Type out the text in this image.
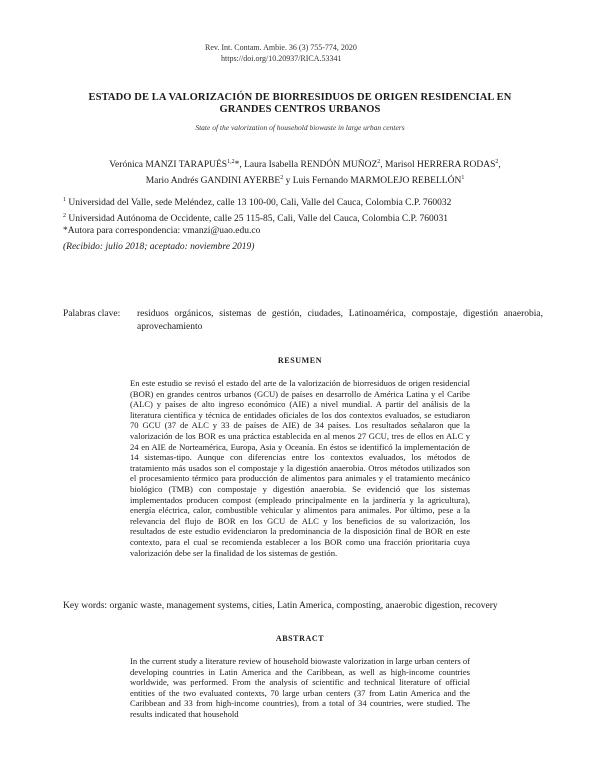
Rev. Int. Contam. Ambie. 36 (3) 755-774, 2020
https://doi.org/10.20937/RICA.53341
ESTADO DE LA VALORIZACIÓN DE BIORRESIDUOS DE ORIGEN RESIDENCIAL EN GRANDES CENTROS URBANOS
State of the valorization of household biowaste in large urban centers
Verónica MANZI TARAPUÉS$^{1,2}$*, Laura Isabella RENDÓN MUÑOZ$^2$, Marisol HERRERA RODAS$^2$,
Mario Andrés GANDINI AYERBE$^2$ y Luis Fernando MARMOLEJO REBELLÓN$^1$
$^1$ Universidad del Valle, sede Meléndez, calle 13 100-00, Cali, Valle del Cauca, Colombia C.P. 760032
$^2$ Universidad Autónoma de Occidente, calle 25 115-85, Cali, Valle del Cauca, Colombia C.P. 760031
*Autora para correspondencia: vmanzi@uao.edu.co
(Recibido: julio 2018; aceptado: noviembre 2019)
Palabras clave: residuos orgánicos, sistemas de gestión, ciudades, Latinoamérica, compostaje, digestión anaerobia, aprovechamiento
RESUMEN
En este estudio se revisó el estado del arte de la valorización de biorresiduos de origen residencial (BOR) en grandes centros urbanos (GCU) de países en desarrollo de América Latina y el Caribe (ALC) y países de alto ingreso económico (AIE) a nivel mundial. A partir del análisis de la literatura científica y técnica de entidades oficiales de los dos contextos evaluados, se estudiaron 70 GCU (37 de ALC y 33 de países de AIE) de 34 países. Los resultados señalaron que la valorización de los BOR es una práctica establecida en al menos 27 GCU, tres de ellos en ALC y 24 en AIE de Norteamérica, Europa, Asia y Oceanía. En éstos se identificó la implementación de 14 sistemas-tipo. Aunque con diferencias entre los contextos evaluados, los métodos de tratamiento más usados son el compostaje y la digestión anaerobia. Otros métodos utilizados son el procesamiento térmico para producción de alimentos para animales y el tratamiento mecánico biológico (TMB) con compostaje y digestión anaerobia. Se evidenció que los sistemas implementados producen compost (empleado principalmente en la jardinería y la agricultura), energía eléctrica, calor, combustible vehicular y alimentos para animales. Por último, pese a la relevancia del flujo de BOR en los GCU de ALC y los beneficios de su valorización, los resultados de este estudio evidenciaron la predominancia de la disposición final de BOR en este contexto, para el cual se recomienda establecer a los BOR como una fracción prioritaria cuya valorización debe ser la finalidad de los sistemas de gestión.
Key words: organic waste, management systems, cities, Latin America, composting, anaerobic digestion, recovery
ABSTRACT
In the current study a literature review of household biowaste valorization in large urban centers of developing countries in Latin America and the Caribbean, as well as high-income countries worldwide, was performed. From the analysis of scientific and technical literature of official entities of the two evaluated contexts, 70 large urban centers (37 from Latin America and the Caribbean and 33 from high-income countries), from a total of 34 countries, were studied. The results indicated that household
